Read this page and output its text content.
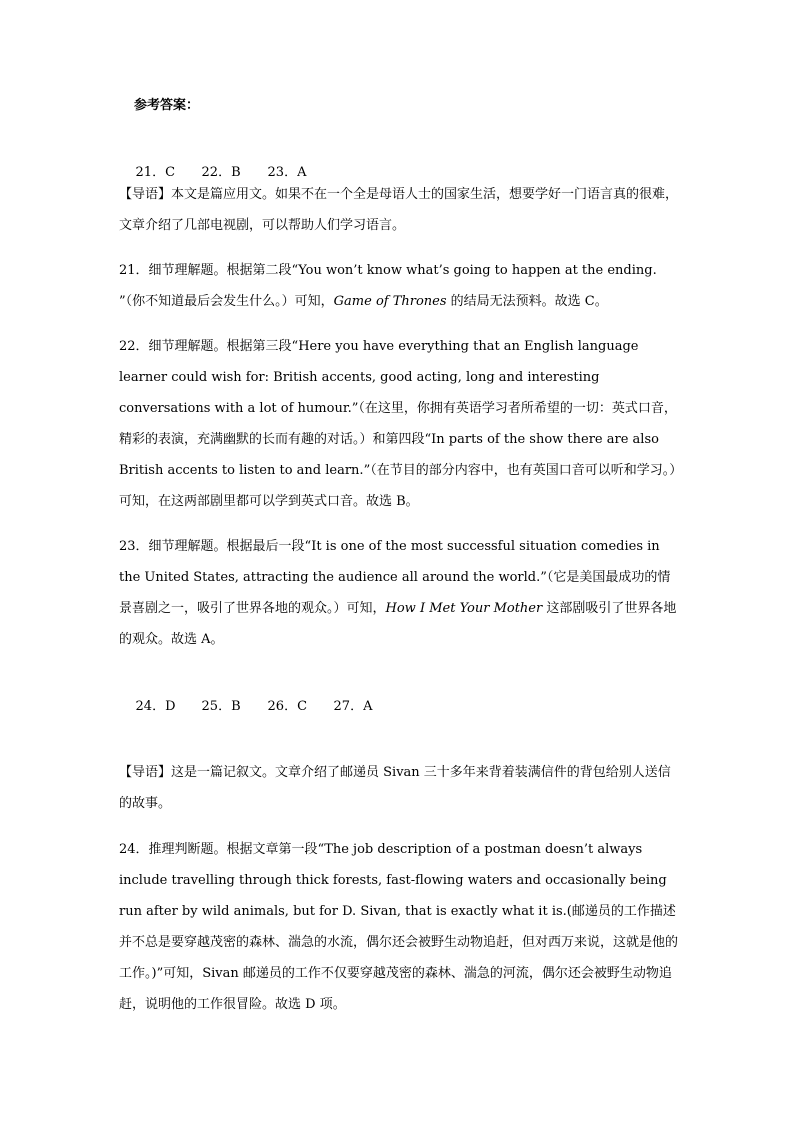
参考答案：

21．C 22．B 23．A

【导语】本文是篇应用文。如果不在一个全是母语人士的国家生活，想要学好一门语言真的很难，文章介绍了几部电视剧，可以帮助人们学习语言。
21．细节理解题。根据第二段“You won’t know what’s going to happen at the ending. ”（你不知道最后会发生什么。）可知，Game of Thrones 的结局无法预料。故选 C。
22．细节理解题。根据第三段“Here you have everything that an English language learner could wish for: British accents, good acting, long and interesting conversations with a lot of humour.”（在这里，你拥有英语学习者所希望的一切：英式口音，精彩的表演，充满幽默的长而有趣的对话。）和第四段“In parts of the show there are also British accents to listen to and learn.”（在节目的部分内容中，也有英国口音可以听和学习。）可知，在这两部剧里都可以学到英式口音。故选 B。
23．细节理解题。根据最后一段“It is one of the most successful situation comedies in the United States, attracting the audience all around the world.”（它是美国最成功的情景喜剧之一，吸引了世界各地的观众。）可知，How I Met Your Mother 这部剧吸引了世界各地的观众。故选 A。

24．D 25．B 26．C 27．A

【导语】这是一篇记叙文。文章介绍了邮递员 Sivan 三十多年来背着装满信件的背包给别人送信的故事。
24．推理判断题。根据文章第一段“The job description of a postman doesn’t always include travelling through thick forests, fast-flowing waters and occasionally being run after by wild animals, but for D. Sivan, that is exactly what it is.(邮递员的工作描述并不总是要穿越茂密的森林、湍急的水流，偶尔还会被野生动物追赶，但对西万来说，这就是他的工作。)”可知，Sivan 邮递员的工作不仅要穿越茂密的森林、湍急的河流，偶尔还会被野生动物追赶，说明他的工作很冒险。故选 D 项。
